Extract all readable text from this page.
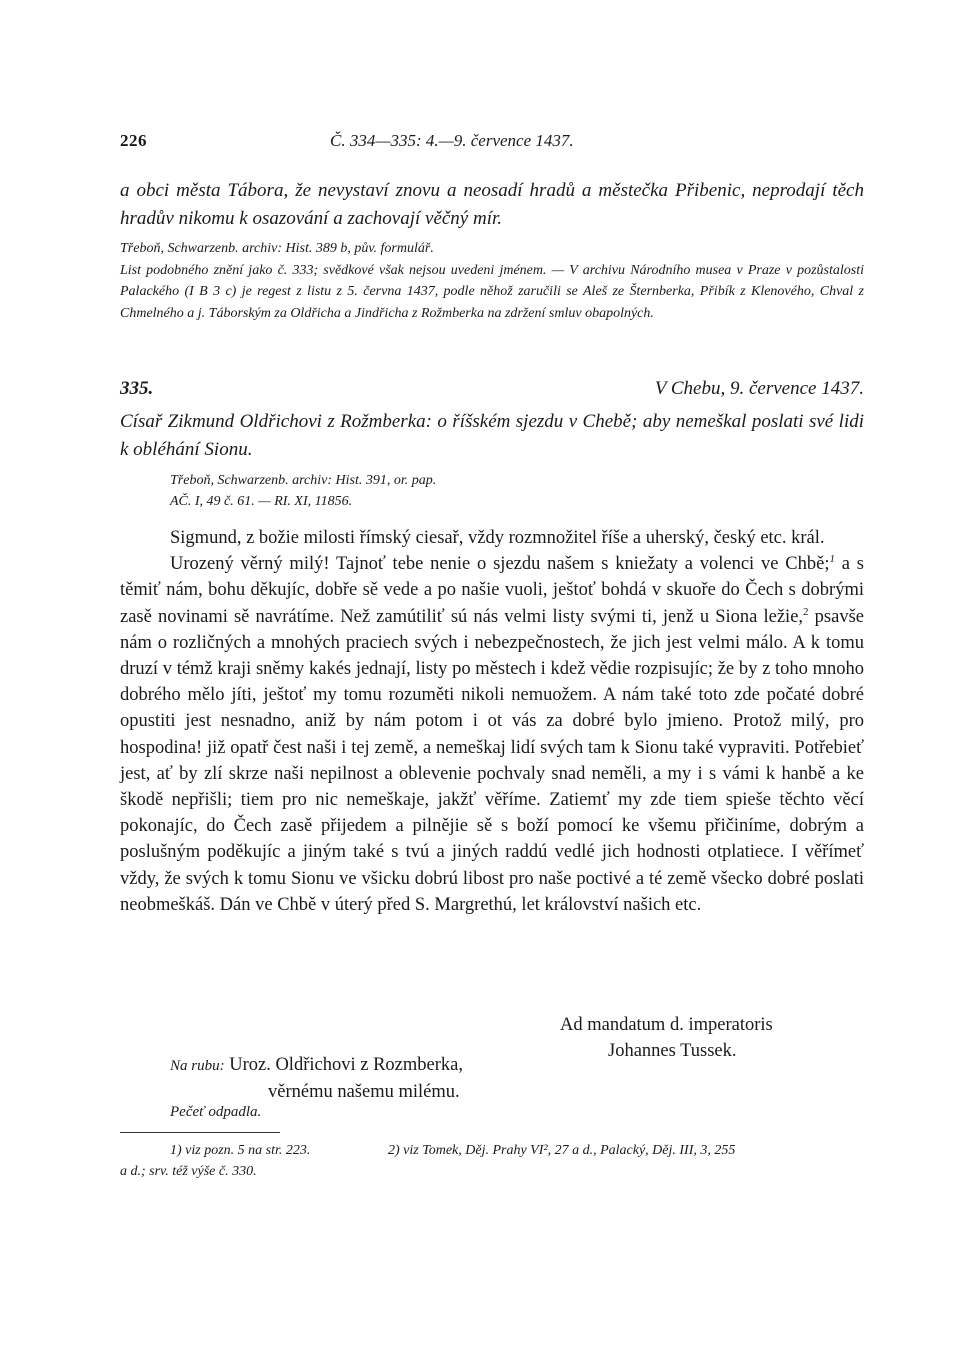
226	Č. 334—335: 4.—9. července 1437.
a obci města Tábora, že nevystaví znovu a neosadí hradů a městečka Přibenic, neprodají těch hradův nikomu k osazování a zachovají věčný mír.

Třeboň, Schwarzenb. archiv: Hist. 389 b, pův. formulář.

List podobného znění jako č. 333; svědkové však nejsou uvedeni jménem. — V archivu Národního musea v Praze v pozůstalosti Palackého (I B 3 c) je regest z listu z 5. června 1437, podle něhož zaručili se Aleš ze Šternberka, Přibík z Klenového, Chval z Chmelného a j. Táborským za Oldřicha a Jindřicha z Rožmberka na zdržení smluv obapolných.

335.	V Chebu, 9. července 1437.
Císař Zikmund Oldřichovi z Rožmberka: o říšském sjezdu v Chebě; aby nemeškal poslati své lidi k obléhání Sionu.

Třeboň, Schwarzenb. archiv: Hist. 391, or. pap.

AČ. I, 49 č. 61. — RI. XI, 11856.

Sigmund, z božie milosti římský ciesař, vždy rozmnožitel říše a uherský, český etc. král.

Urozený věrný milý! Tajnoť tebe nenie o sjezdu našem s kniežaty a volenci ve Chbě;$^1$ a s těmiť nám, bohu děkujíc, dobře sě vede a po našie vuoli, ještoť bohdá v skuoře do Čech s dobrými zasě novinami sě navrátíme. Než zamútiliť sú nás velmi listy svými ti, jenž u Siona ležie,$^2$ psavše nám o rozličných a mnohých praciech svých i nebezpečnostech, že jich jest velmi málo. A k tomu druzí v témž kraji sněmy kakés jednají, listy po městech i kdež vědie rozpisujíc; že by z toho mnoho dobrého mělo jíti, ještoť my tomu rozuměti nikoli nemuožem. A nám také toto zde počaté dobré opustiti jest nesnadno, aniž by nám potom i ot vás za dobré bylo jmieno. Protož milý, pro hospodina! již opatř čest naši i tej země, a nemeškaj lidí svých tam k Sionu také vypraviti. Potřebieť jest, ať by zlí skrze naši nepilnost a oblevenie pochvaly snad neměli, a my i s vámi k hanbě a ke škodě nepřišli; tiem pro nic nemeškaje, jakžť věříme. Zatiemť my zde tiem spieše těchto věcí pokonajíc, do Čech zasě přijedem a pilnějie sě s boží pomocí ke všemu přičiníme, dobrým a poslušným poděkujíc a jiným také s tvú a jiných raddú vedlé jich hodnosti otplatiece. I věřímeť vždy, že svých k tomu Sionu ve všicku dobrú libost pro naše poctivé a té země všecko dobré poslati neobmeškáš. Dán ve Chbě v úterý před S. Margrethú, let království našich etc.

Ad mandatum d. imperatoris
Johannes Tussek.
Na rubu: Uroz. Oldřichovi z Rozmberka,
věrnému našemu milému.
Pečeť odpadla.
1) viz pozn. 5 na str. 223.	2) viz Tomek, Děj. Prahy VI², 27 a d., Palacký, Děj. III, 3, 255
a d.; srv. též výše č. 330.
